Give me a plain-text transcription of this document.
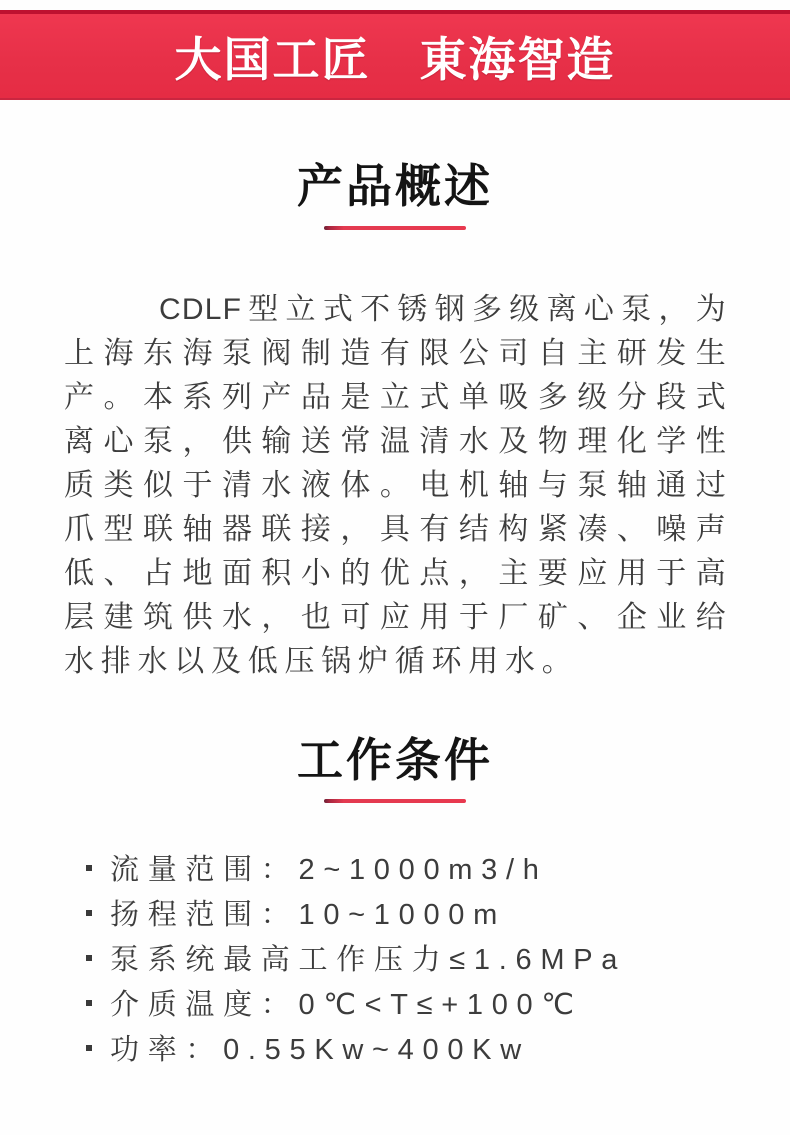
大国工匠　東海智造
产品概述
CDLF型立式不锈钢多级离心泵，为
上海东海泵阀制造有限公司自主研发生
产。本系列产品是立式单吸多级分段式
离心泵，供输送常温清水及物理化学性
质类似于清水液体。电机轴与泵轴通过
爪型联轴器联接，具有结构紧凑、噪声
低、占地面积小的优点，主要应用于高
层建筑供水，也可应用于厂矿、企业给
水排水以及低压锅炉循环用水。
工作条件
流量范围：2~1000m3/h
扬程范围：10~1000m
泵系统最高工作压力≤1.6MPa
介质温度：0℃<T≤+100℃
功率：0.55Kw~400Kw
